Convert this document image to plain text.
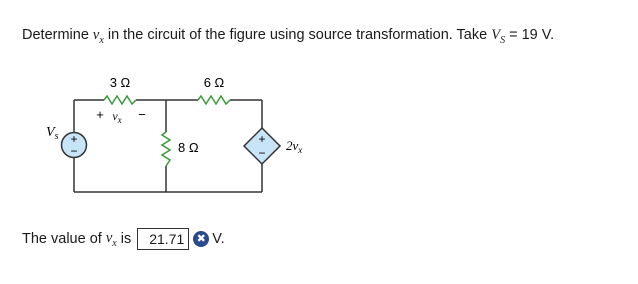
Determine $v_x$ in the circuit of the figure using source transformation. Take $V_S = 19$ V.
+
−
+
−
3 Ω	6 Ω
8 Ω
+ $v_x$ −
$V_s$
$2v_x$
The value of
$v_x$
is	21.71	✖ V.
